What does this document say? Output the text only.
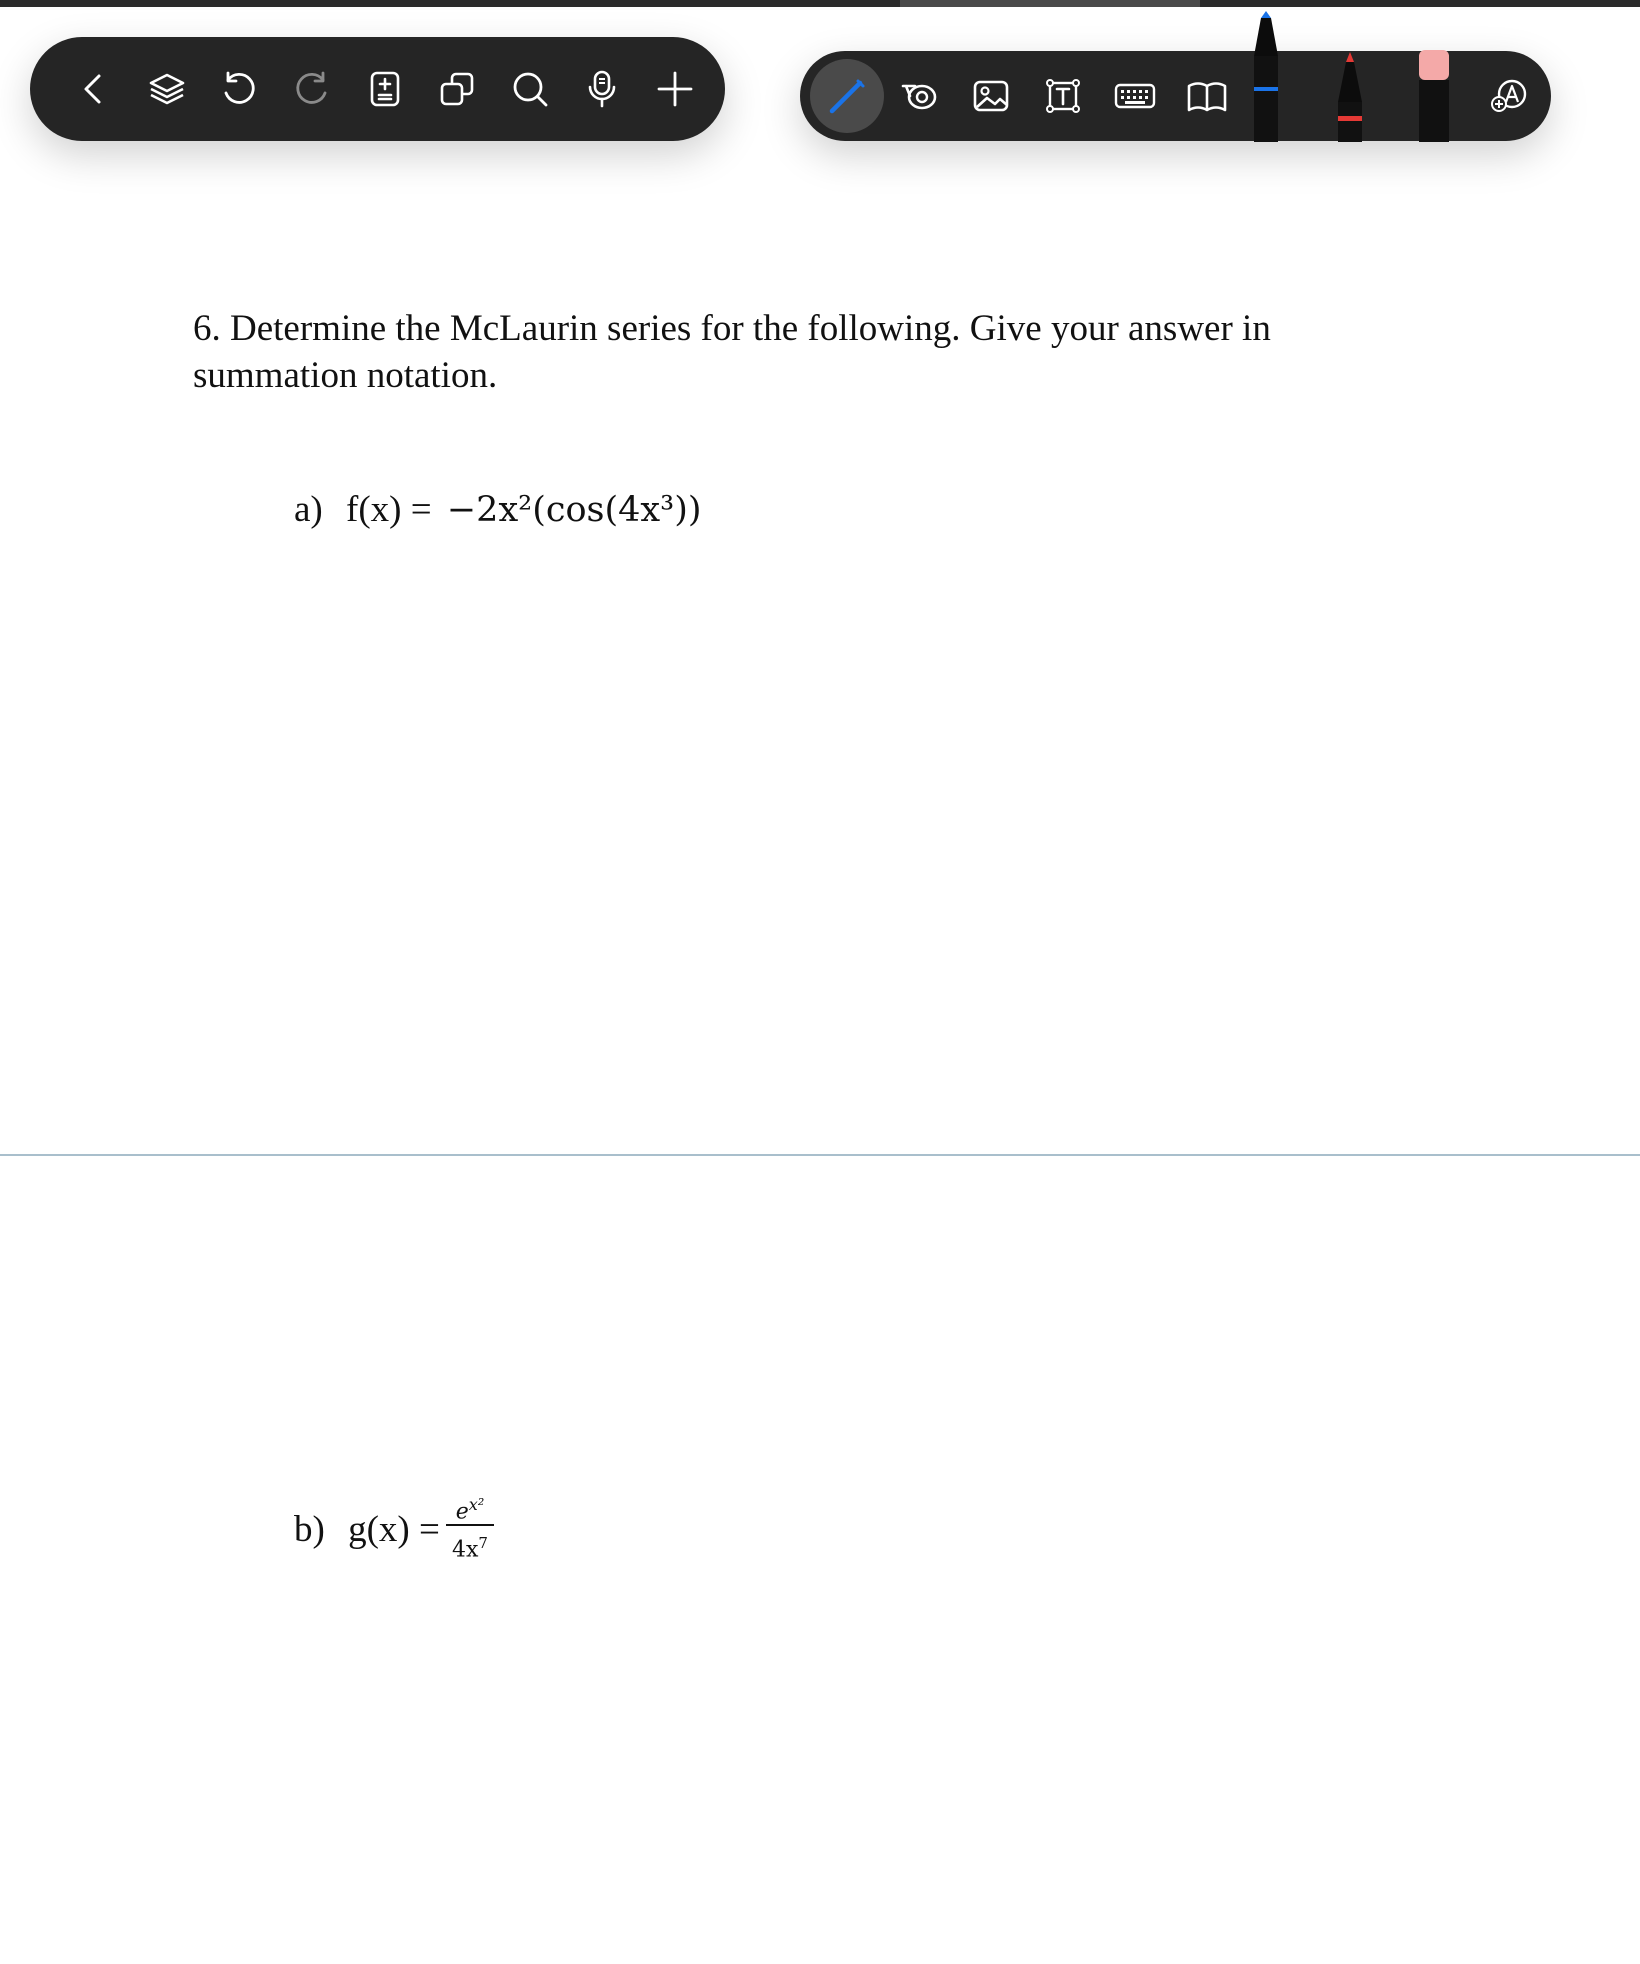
6. Determine the McLaurin series for the following. Give your answer in summation notation.
a) f(x) = −2x²(cos(4x³))
b) $g(x) = e^{x^2}$
$4x^7$
